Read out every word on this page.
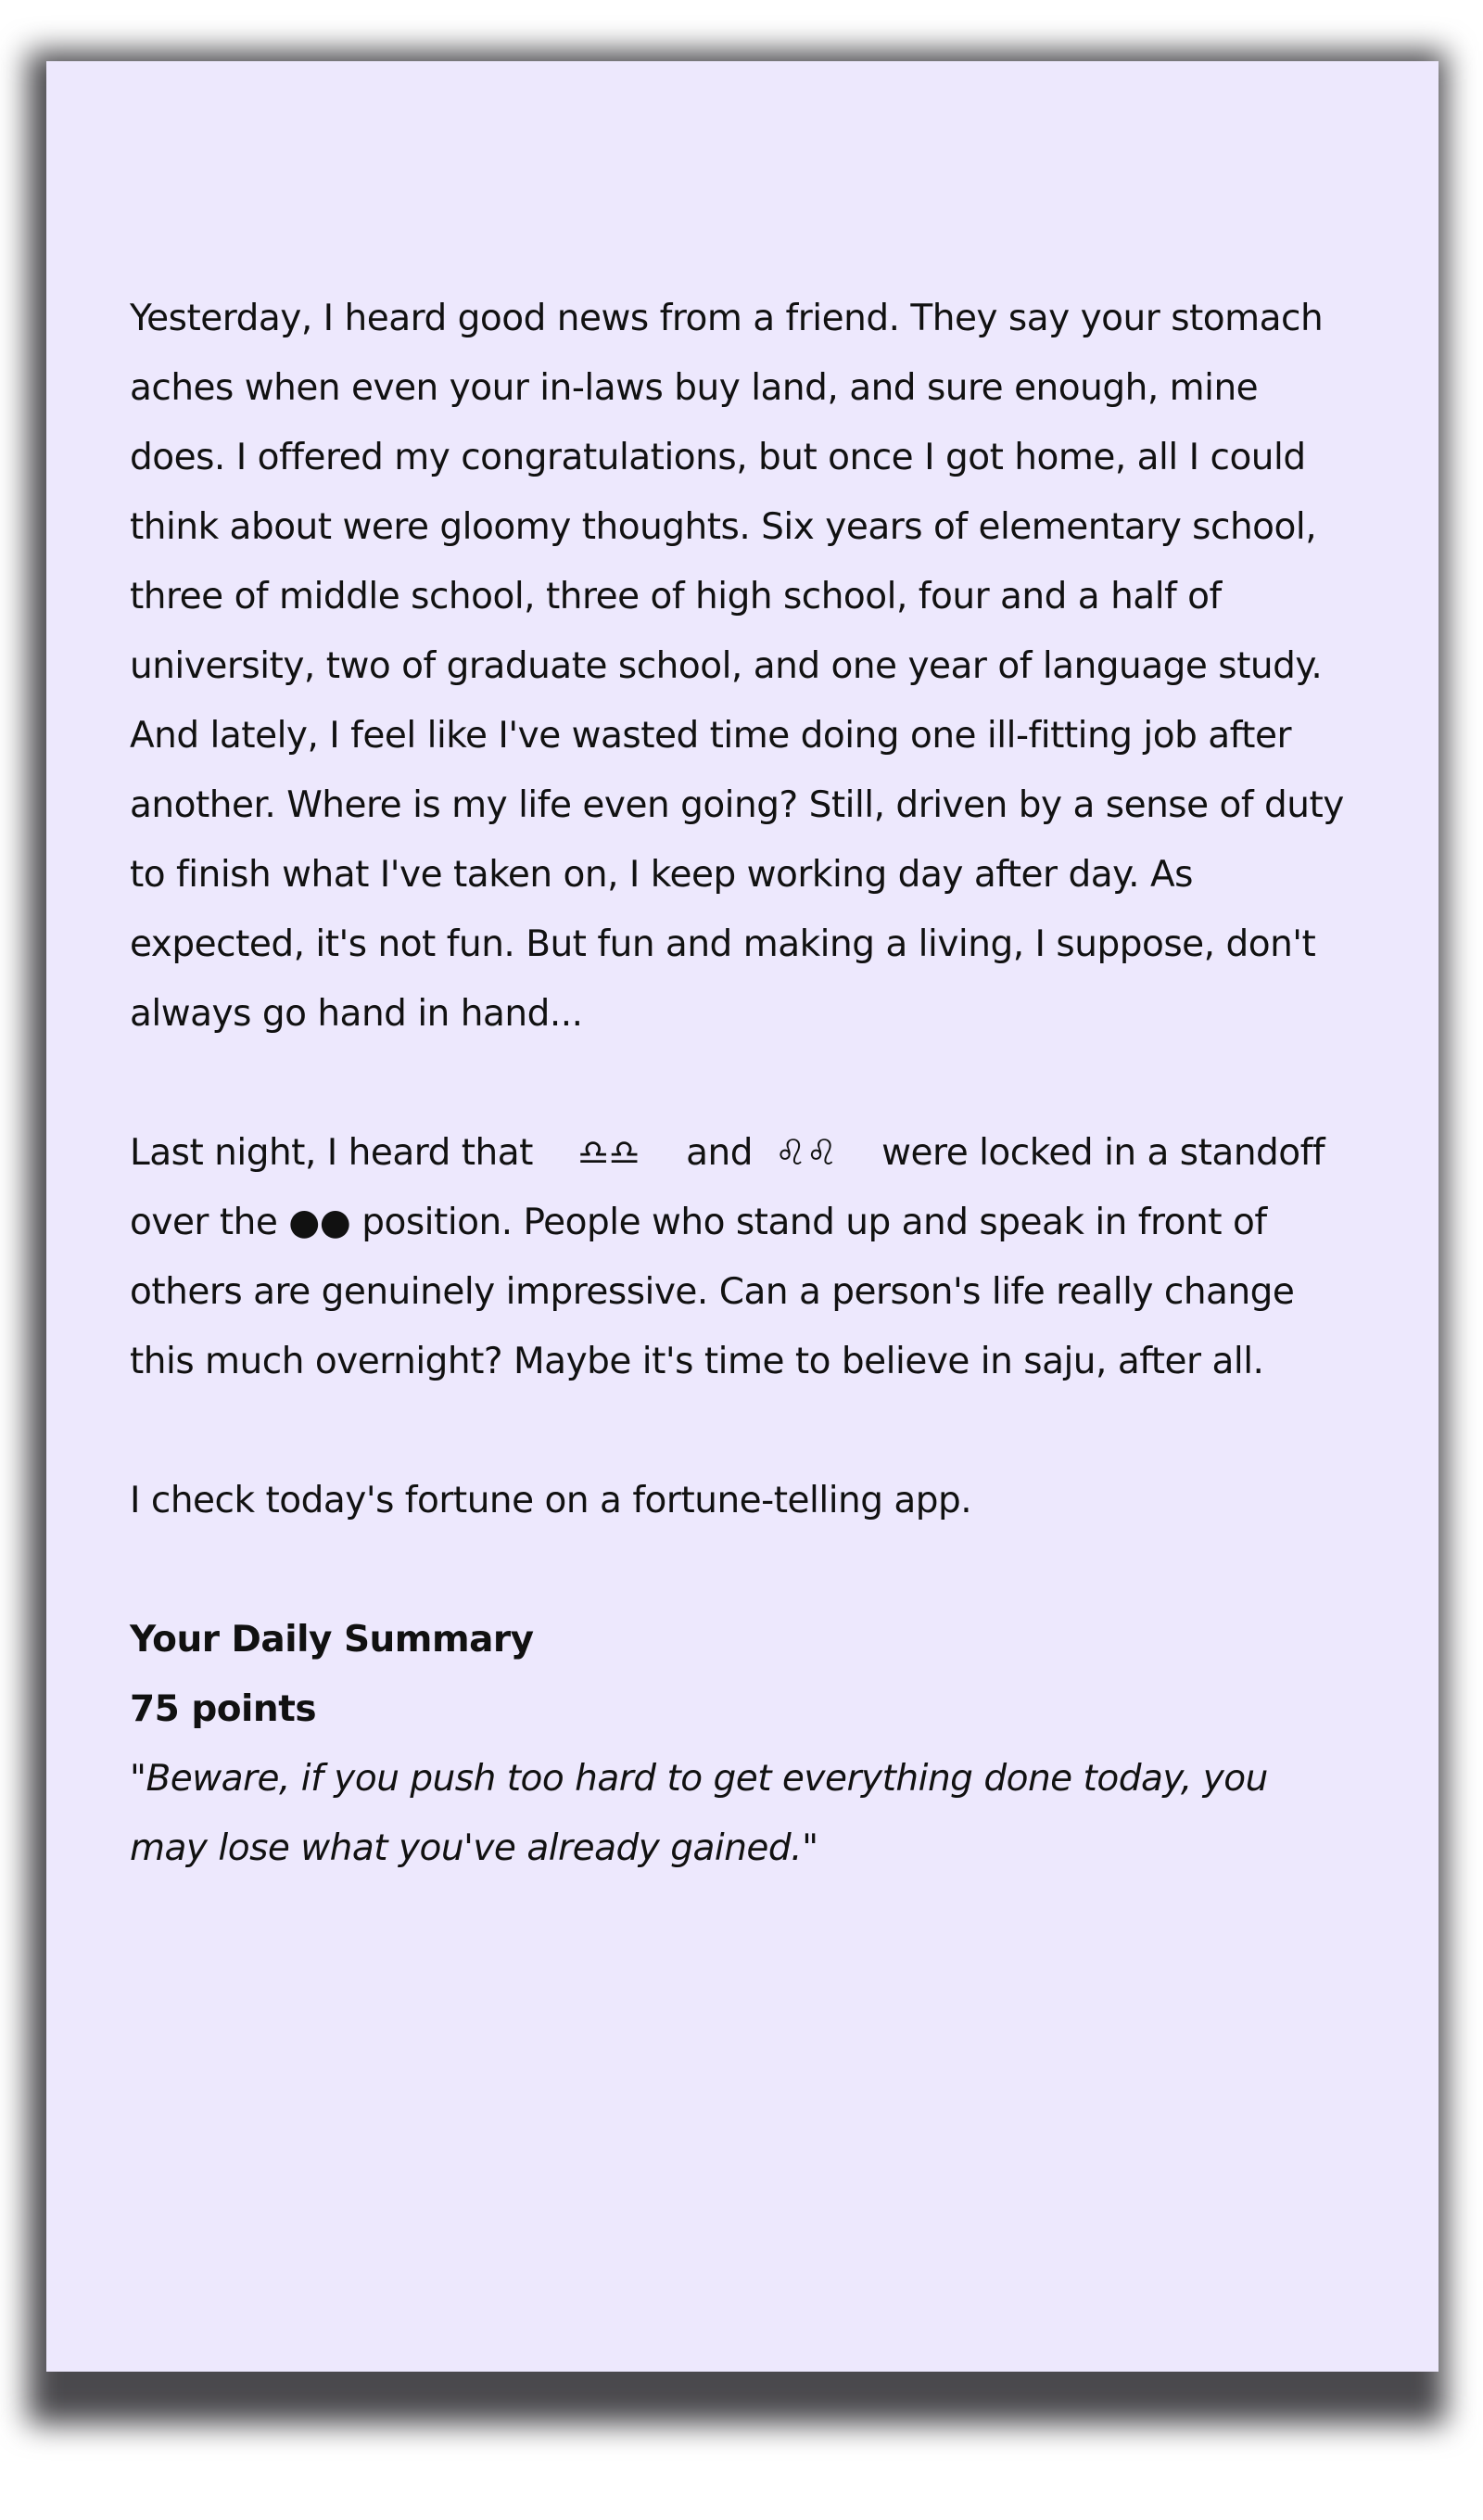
Yesterday, I heard good news from a friend. They say your stomach aches when even your in-laws buy land, and sure enough, mine does. I offered my congratulations, but once I got home, all I could think about were gloomy thoughts. Six years of elementary school, three of middle school, three of high school, four and a half of university, two of graduate school, and one year of language study. And lately, I feel like I've wasted time doing one ill-fitting job after another. Where is my life even going? Still, driven by a sense of duty to finish what I've taken on, I keep working day after day. As expected, it's not fun. But fun and making a living, I suppose, don't always go hand in hand...

Last night, I heard that ♎♎ and ♌♌ were locked in a standoff over the ●● position. People who stand up and speak in front of others are genuinely impressive. Can a person's life really change this much overnight? Maybe it's time to believe in saju, after all.

I check today's fortune on a fortune-telling app.

Your Daily Summary

75 points

"Beware, if you push too hard to get everything done today, you may lose what you've already gained."
